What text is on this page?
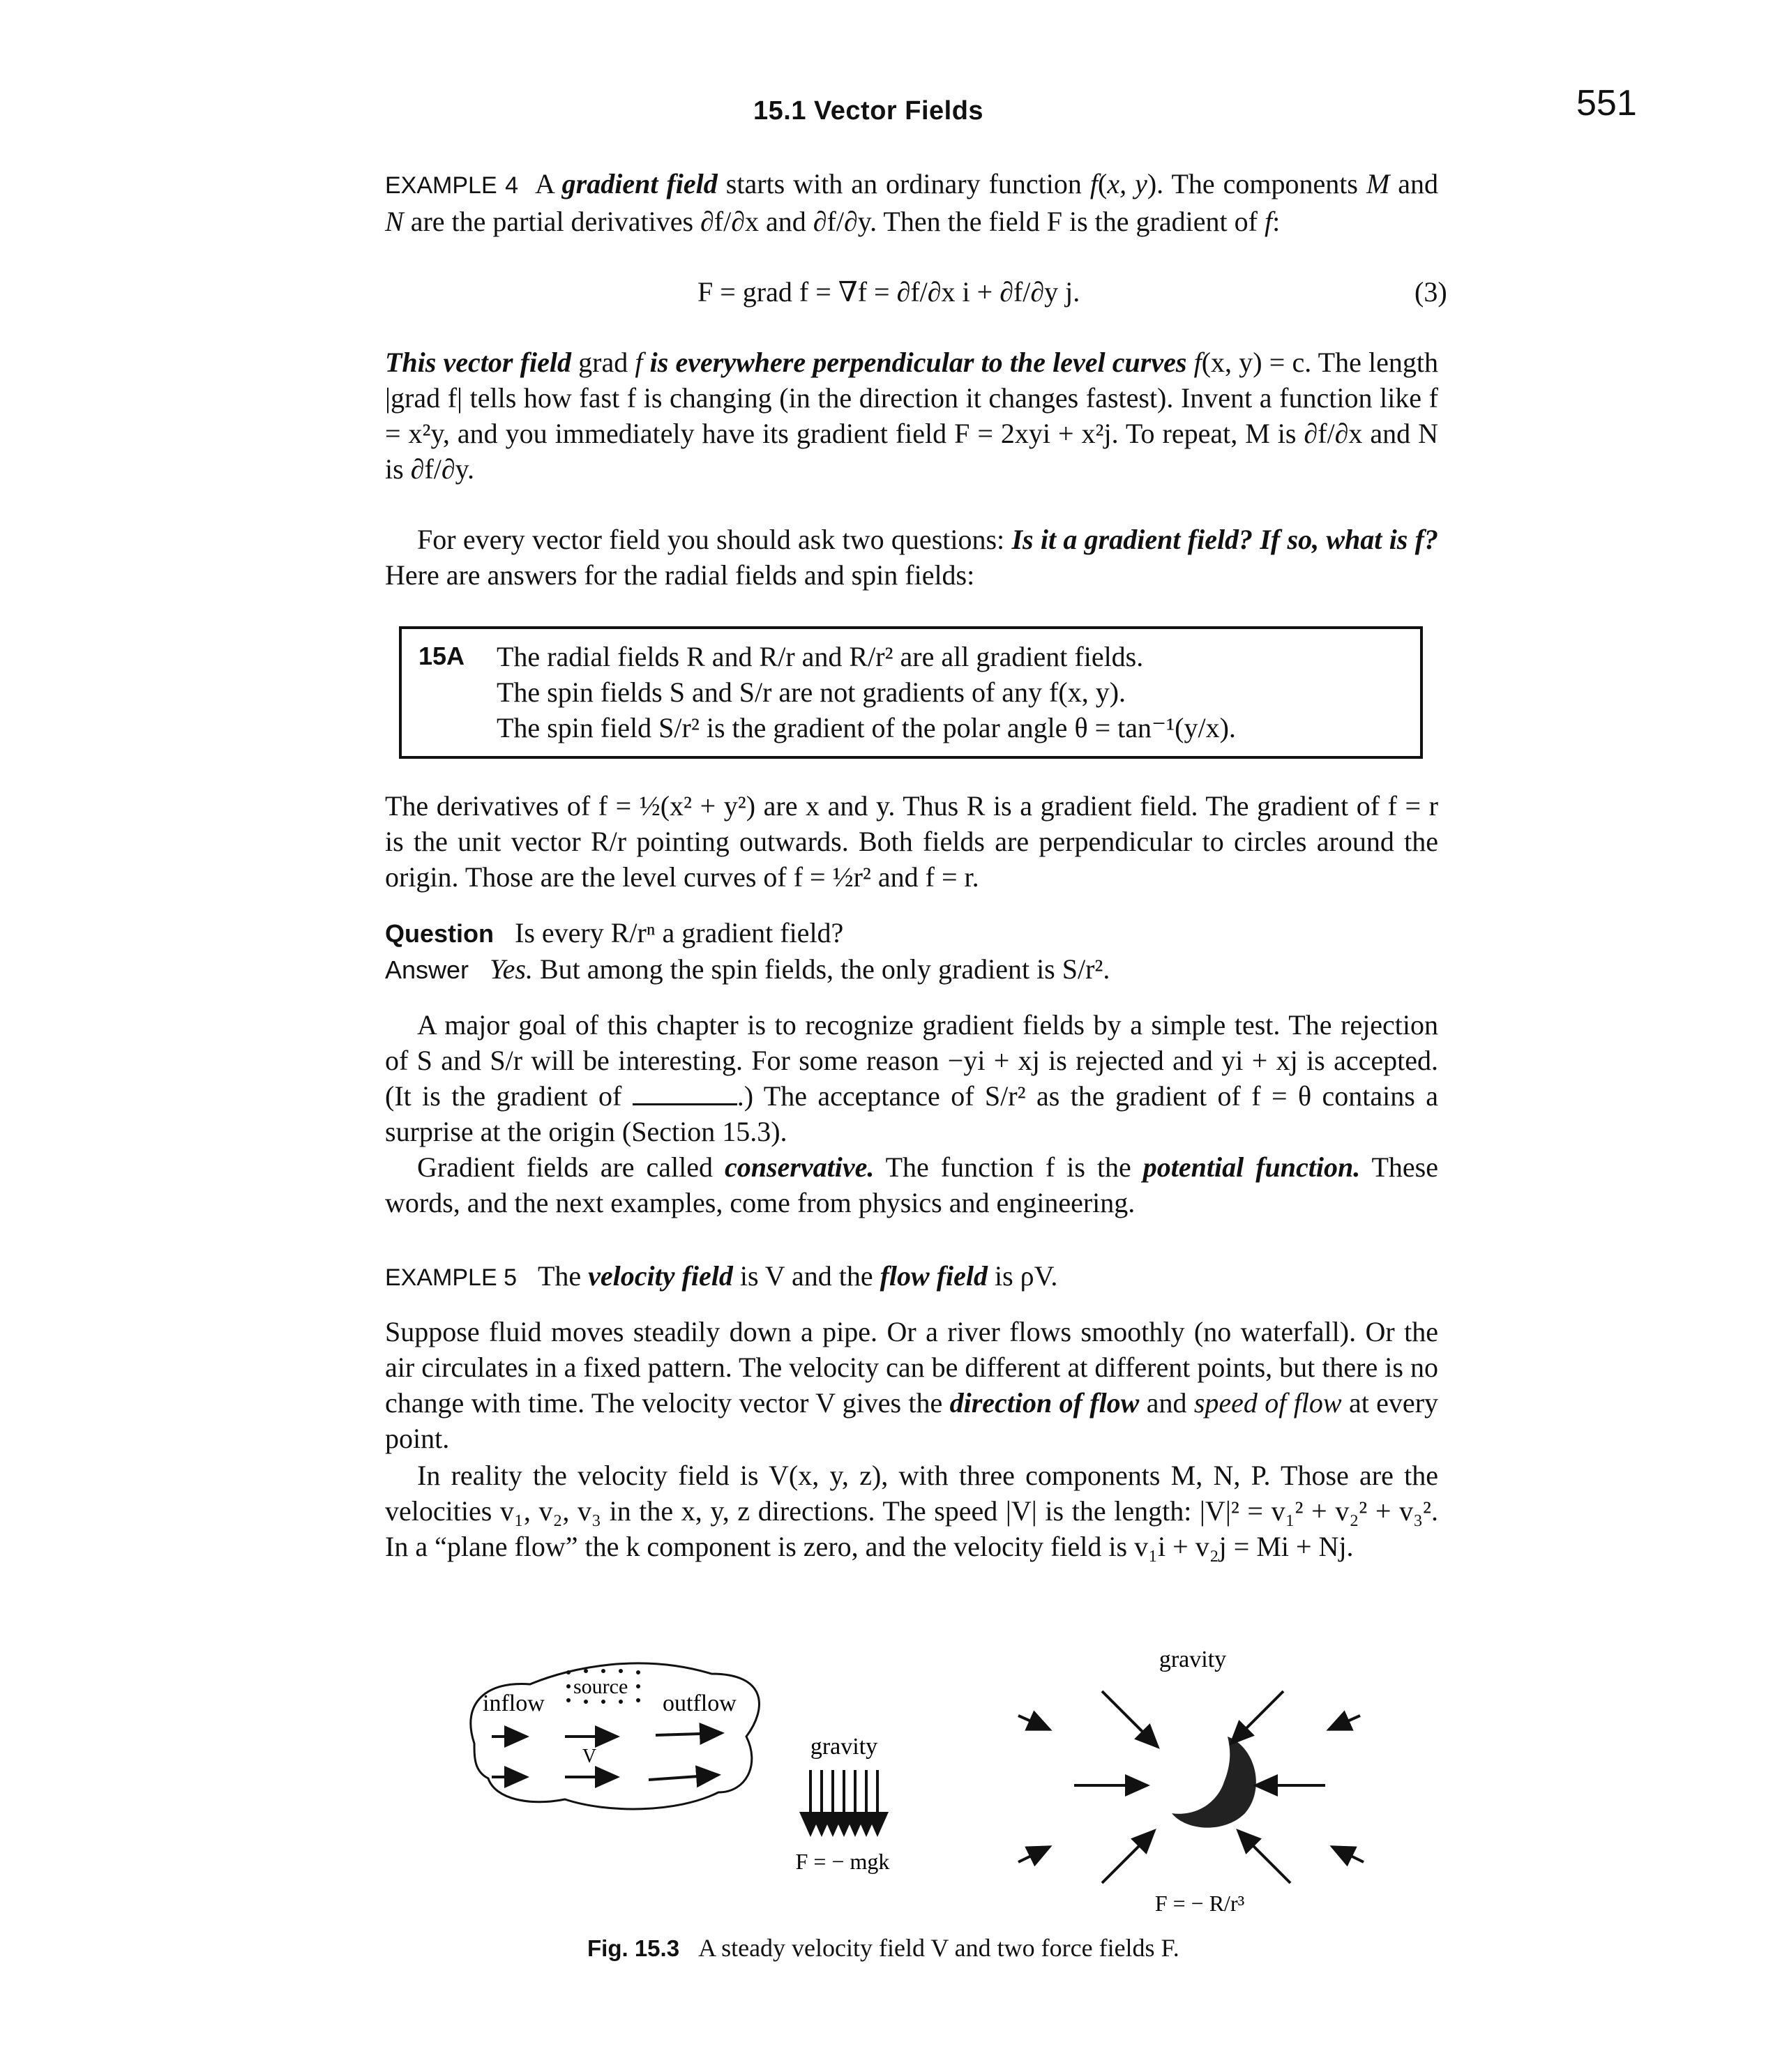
15.1 Vector Fields	551
EXAMPLE 4 A gradient field starts with an ordinary function f(x, y). The components M and N are the partial derivatives ∂f/∂x and ∂f/∂y. Then the field F is the gradient of f:
F = grad f = ∇f = ∂f/∂x i + ∂f/∂y j.	(3)
This vector field grad f is everywhere perpendicular to the level curves f(x, y) = c. The length |grad f| tells how fast f is changing (in the direction it changes fastest). Invent a function like f = x²y, and you immediately have its gradient field F = 2xyi + x²j. To repeat, M is ∂f/∂x and N is ∂f/∂y.
For every vector field you should ask two questions: Is it a gradient field? If so, what is f? Here are answers for the radial fields and spin fields:
15A The radial fields R and R/r and R/r² are all gradient fields.
The spin fields S and S/r are not gradients of any f(x, y).
The spin field S/r² is the gradient of the polar angle θ = tan⁻¹(y/x).
The derivatives of f = ½(x² + y²) are x and y. Thus R is a gradient field. The gradient of f = r is the unit vector R/r pointing outwards. Both fields are perpendicular to circles around the origin. Those are the level curves of f = ½r² and f = r.
Question Is every R/rⁿ a gradient field?
Answer Yes. But among the spin fields, the only gradient is S/r².
A major goal of this chapter is to recognize gradient fields by a simple test. The rejection of S and S/r will be interesting. For some reason −yi + xj is rejected and yi + xj is accepted. (It is the gradient of	.) The acceptance of S/r² as the gradient of f = θ contains a surprise at the origin (Section 15.3).
Gradient fields are called conservative. The function f is the potential function. These words, and the next examples, come from physics and engineering.
EXAMPLE 5 The velocity field is V and the flow field is ρV.
Suppose fluid moves steadily down a pipe. Or a river flows smoothly (no waterfall). Or the air circulates in a fixed pattern. The velocity can be different at different points, but there is no change with time. The velocity vector V gives the direction of flow and speed of flow at every point.
In reality the velocity field is V(x, y, z), with three components M, N, P. Those are the velocities v₁, v₂, v₃ in the x, y, z directions. The speed |V| is the length: |V|² = v₁² + v₂² + v₃². In a “plane flow” the k component is zero, and the velocity field is v₁i + v₂j = Mi + Nj.
source
inflow	outflow
V	gravity
F = − mgk
gravity
F = − R/r³
Fig. 15.3 A steady velocity field V and two force fields F.
